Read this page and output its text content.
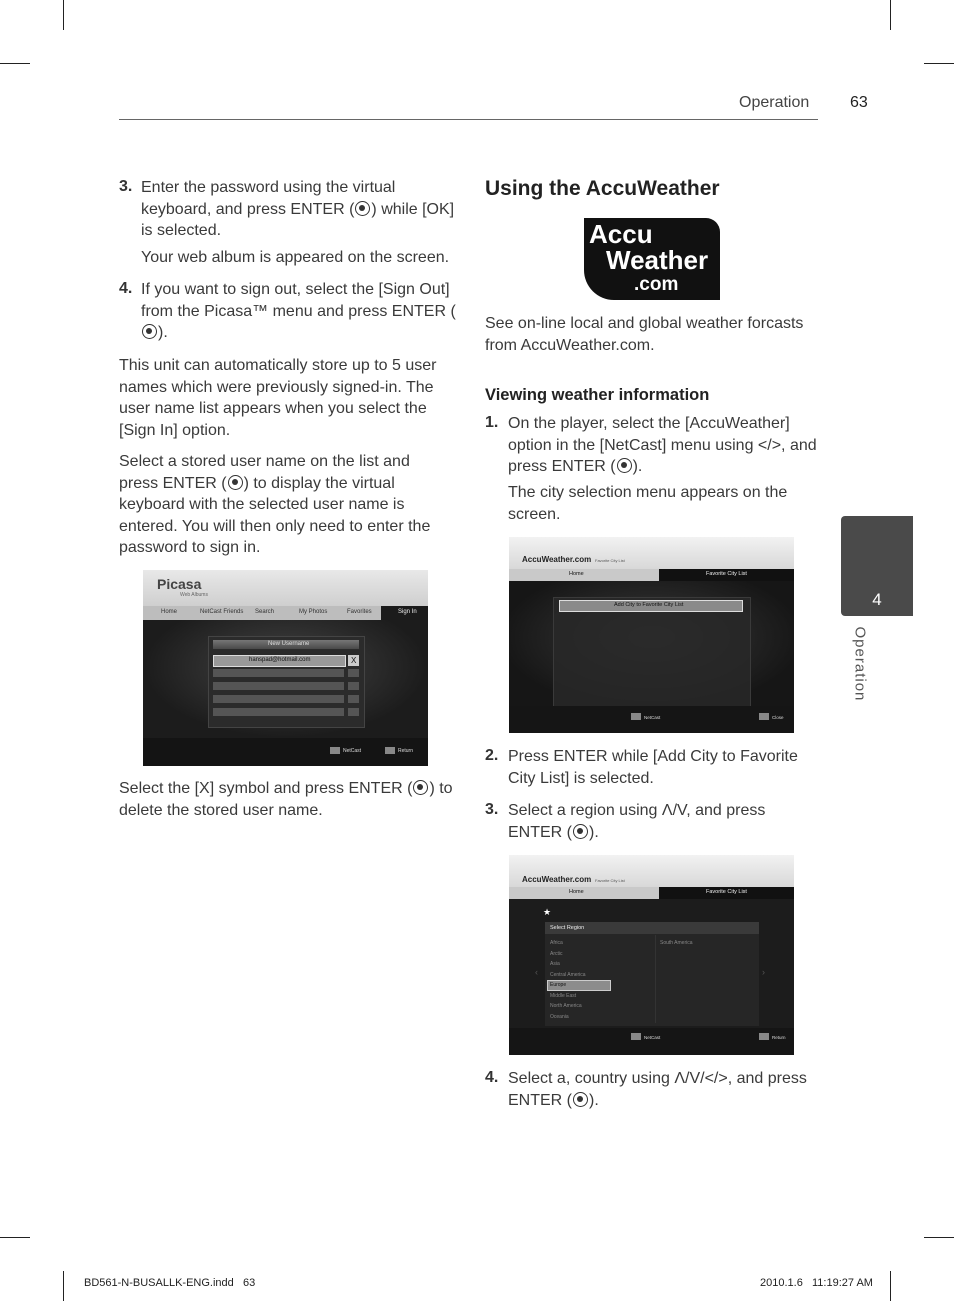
Operation	63
4
Operation
3. Enter the password using the virtual keyboard, and press ENTER ( ) while [OK] is selected.
Your web album is appeared on the screen.
4. If you want to sign out, select the [Sign Out] from the Picasa™ menu and press ENTER ().
This unit can automatically store up to 5 user names which were previously signed-in. The user name list appears when you select the [Sign In] option.
Select a stored user name on the list and press ENTER ( ) to display the virtual keyboard with the selected user name is entered. You will then only need to enter the password to sign in.
Picasa
Web Albums
Home	NetCast Friends Search	My Photos	Favorites	Sign In
New Username
hanspad@hotmail.com	X
NetCast	Return
Select the [X] symbol and press ENTER ( ) to delete the stored user name.
Using the AccuWeather
Accu
Weather
.com
See on-line local and global weather forcasts from AccuWeather.com.
Viewing weather information
1. On the player, select the [AccuWeather] option in the [NetCast] menu using </>, and press ENTER ( ).
The city selection menu appears on the screen.
AccuWeather.com Favorite City List
Home	Favorite City List
Add City to Favorite City List
NetCast	Close
2. Press ENTER while [Add City to Favorite City List] is selected.
3. Select a region using Λ/V, and press ENTER ( ).
AccuWeather.com Favorite City List
Home	Favorite City List
★
Select Region
Africa
Arctic
Asia
Central America
Europe
Middle East
North America
Oceania
South America
‹	›
NetCast	Return
4. Select a, country using Λ/V/</>, and press ENTER ( ).
BD561-N-BUSALLK-ENG.indd   63	2010.1.6   11:19:27 AM
